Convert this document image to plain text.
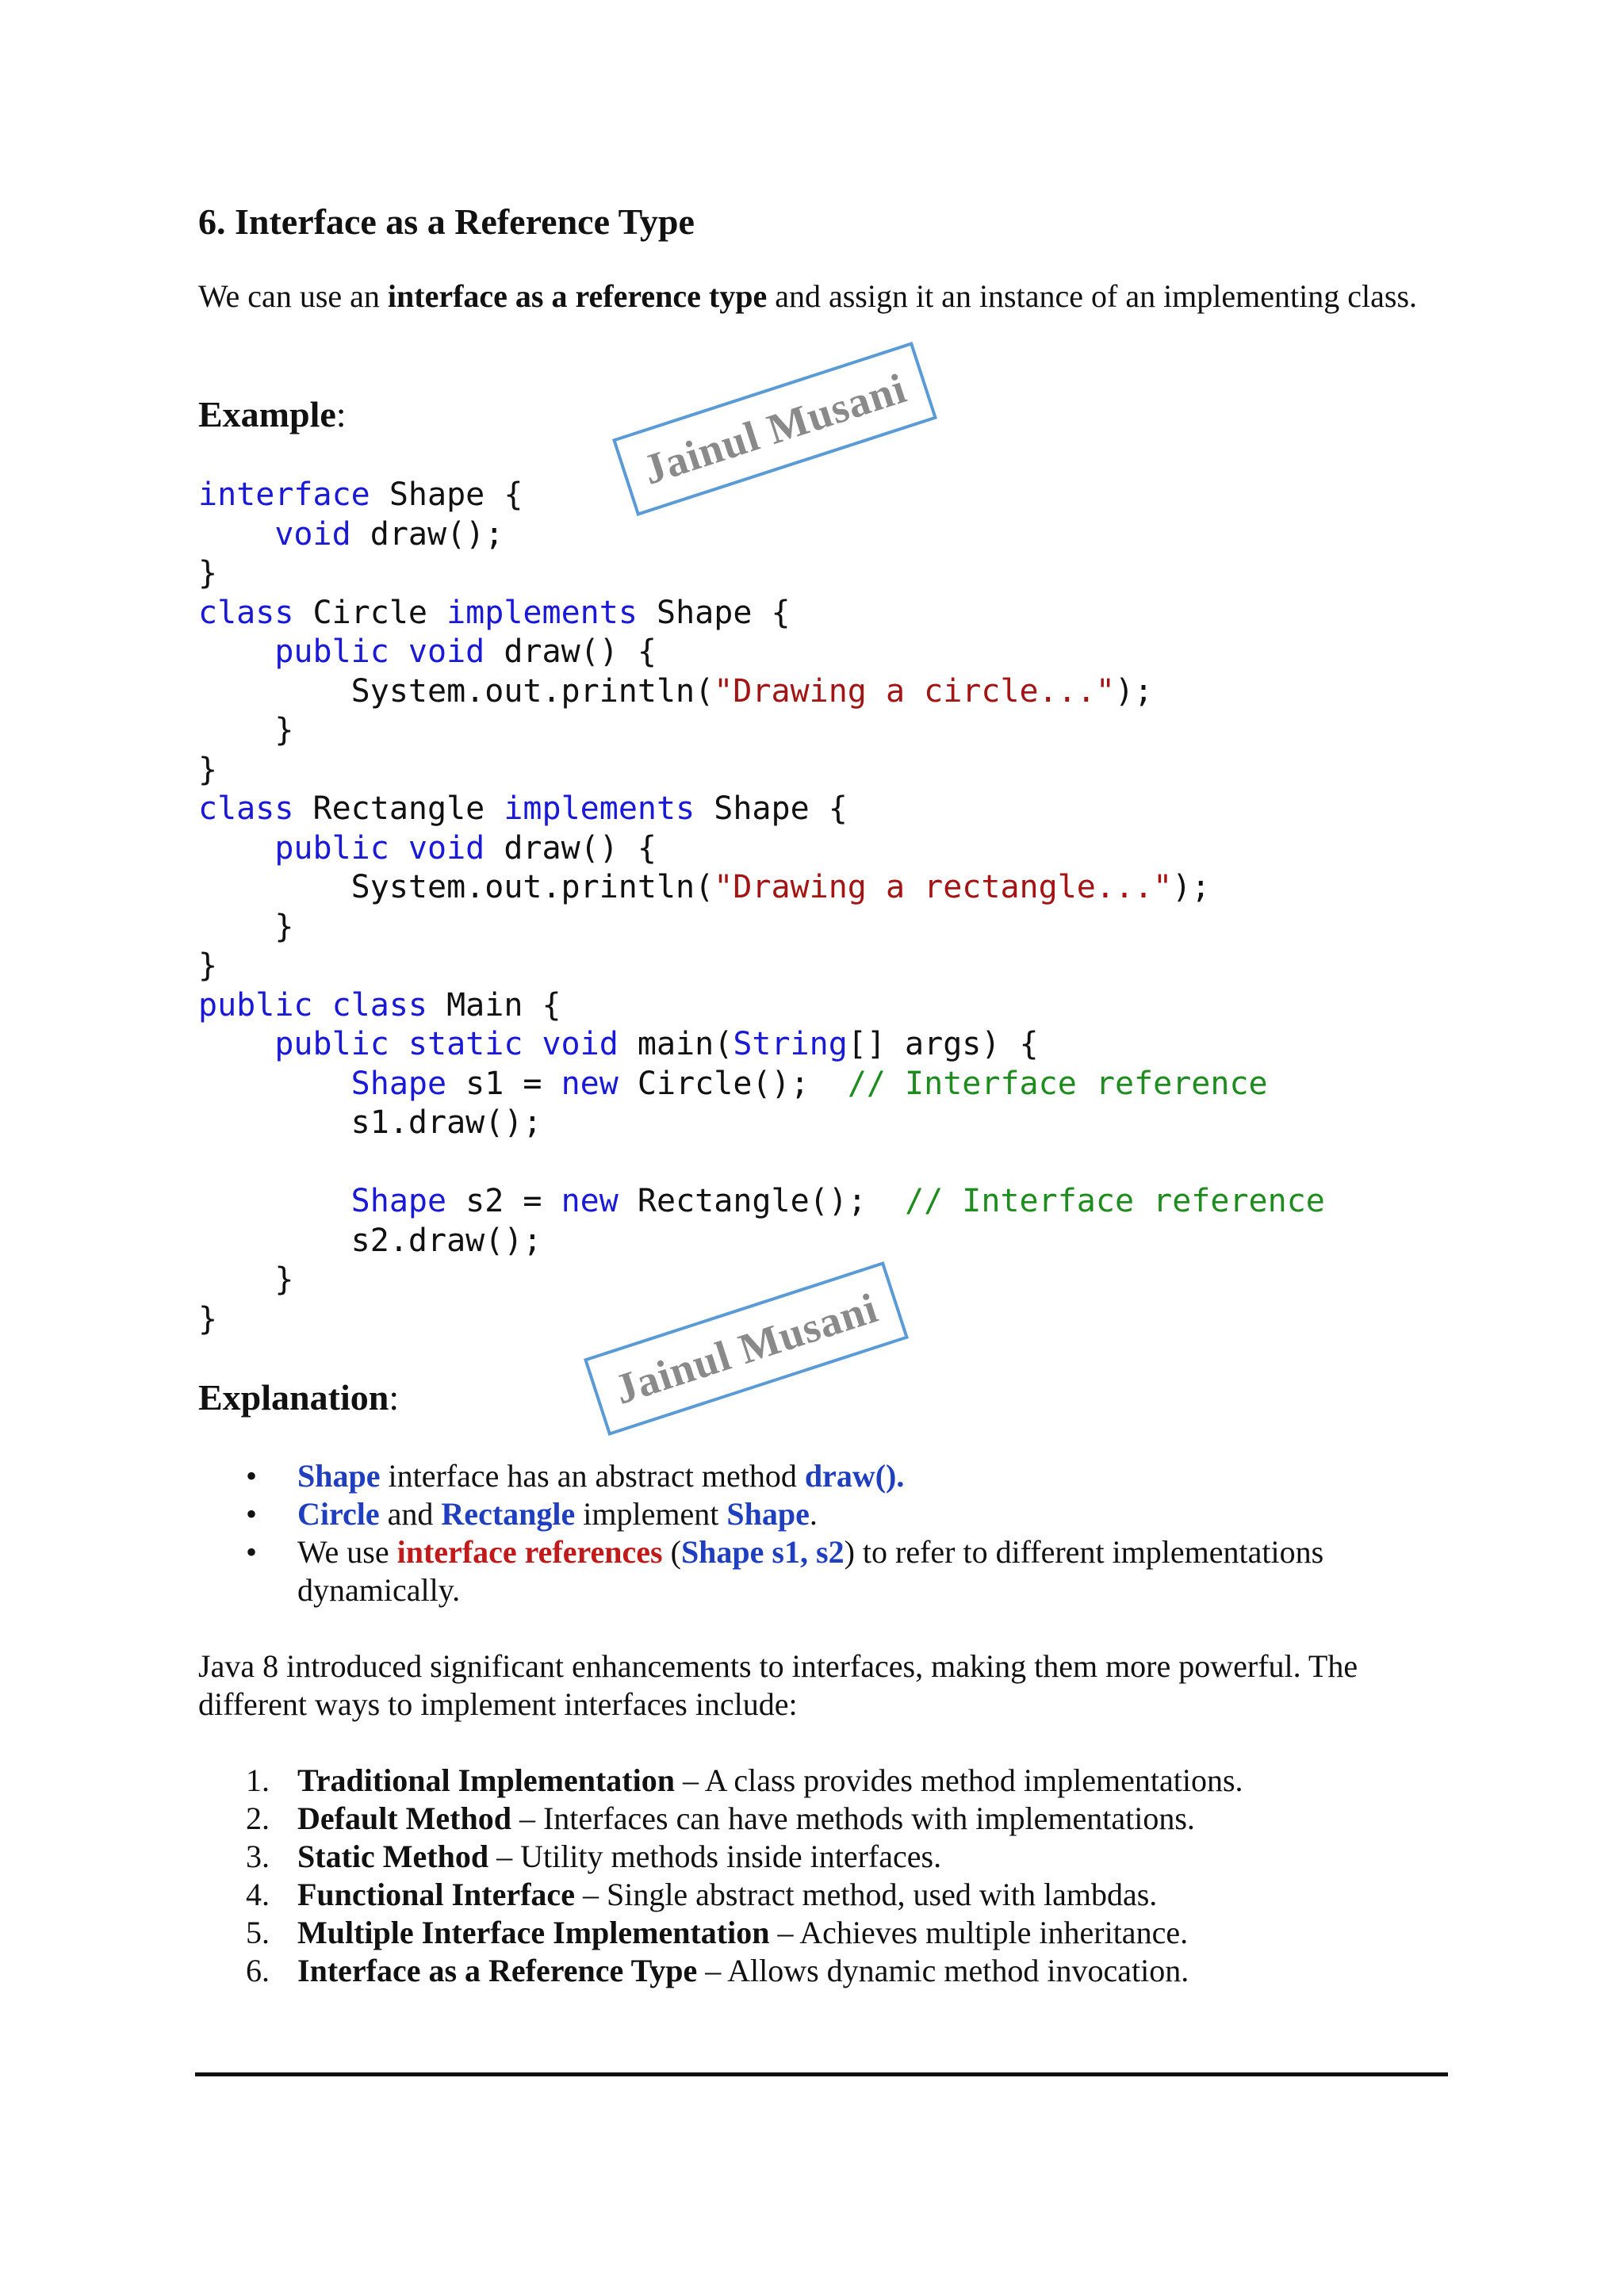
6. Interface as a Reference Type

We can use an interface as a reference type and assign it an instance of an implementing class.

Example:	Jainul Musani
interface Shape {
void draw();
}
class Circle implements Shape {
public void draw() {
System.out.println("Drawing a circle...");
}
}
class Rectangle implements Shape {
public void draw() {
System.out.println("Drawing a rectangle...");
}
}
public class Main {
public static void main(String[] args) {
Shape s1 = new Circle();  // Interface reference
s1.draw();

Shape s2 = new Rectangle();  // Interface reference
s2.draw();
}
}	Jainul Musani
Explanation:
• Shape interface has an abstract method draw().
• Circle and Rectangle implement Shape.
• We use interface references (Shape s1, s2) to refer to different implementations dynamically.

Java 8 introduced significant enhancements to interfaces, making them more powerful. The different ways to implement interfaces include:

1. Traditional Implementation – A class provides method implementations.
2. Default Method – Interfaces can have methods with implementations.
3. Static Method – Utility methods inside interfaces.
4. Functional Interface – Single abstract method, used with lambdas.
5. Multiple Interface Implementation – Achieves multiple inheritance.
6. Interface as a Reference Type – Allows dynamic method invocation.
